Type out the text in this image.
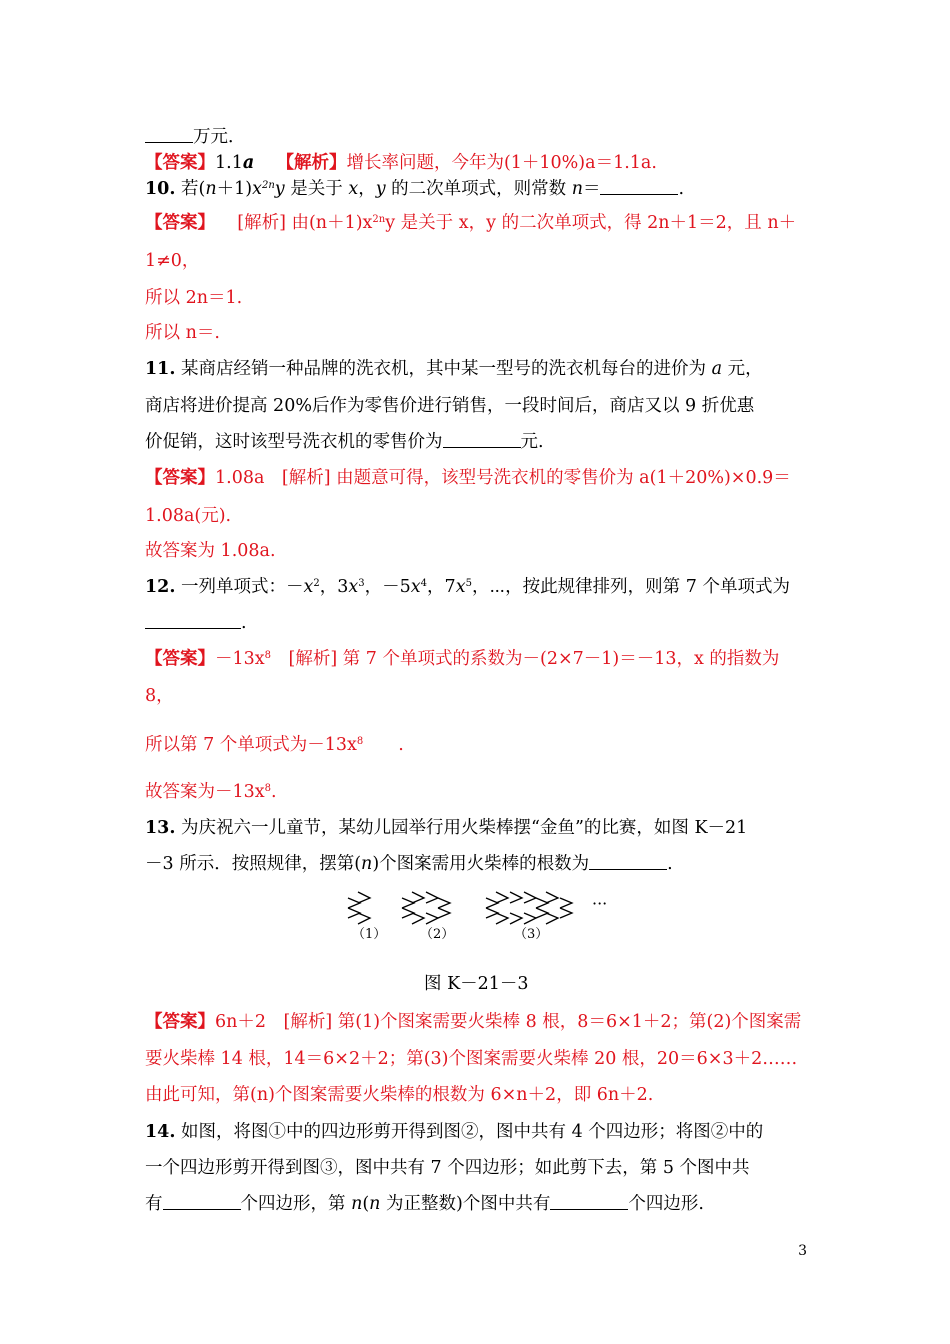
万元．
【答案】1.1a 【解析】增长率问题，今年为(1＋10%)a＝1.1a.
10. 若$(n+1)x^{2n}y$ 是关于 x，y 的二次单项式，则常数 n＝	.
【答案】 [解析] 由$(n+1)x^{2n}y$ 是关于 x，y 的二次单项式，得 2n＋1＝2，且 n＋
1≠0，
所以 2n＝1.
所以 n＝.
11. 某商店经销一种品牌的洗衣机，其中某一型号的洗衣机每台的进价为 a 元，
商店将进价提高 20%后作为零售价进行销售，一段时间后，商店又以 9 折优惠
价促销，这时该型号洗衣机的零售价为	元.
【答案】1.08a　[解析] 由题意可得，该型号洗衣机的零售价为 a(1＋20%)×0.9＝
1.08a(元).
故答案为 1.08a.
12. 一列单项式：$-x^2$，$3x^3$，$-5x^4$，$7x^5$，⋯，按此规律排列，则第 7 个单项式为
.
【答案】$-13x^8$　[解析] 第 7 个单项式的系数为－(2×7－1)＝－13，x 的指数为
8，
所以第 7 个单项式为$-13x^8$　　.
故答案为$-13x^8$.
13. 为庆祝六一儿童节，某幼儿园举行用火柴棒摆“金鱼”的比赛，如图 K－21
－3 所示．按照规律，摆第(n)个图案需用火柴棒的根数为	.
···
（1）	（2）	（3）
图 K－21－3
【答案】6n＋2　[解析] 第(1)个图案需要火柴棒 8 根，8＝6×1＋2；第(2)个图案需
要火柴棒 14 根，14＝6×2＋2；第(3)个图案需要火柴棒 20 根，20＝6×3＋2……
由此可知，第(n)个图案需要火柴棒的根数为 6×n＋2，即 6n＋2.
14. 如图，将图①中的四边形剪开得到图②，图中共有 4 个四边形；将图②中的
一个四边形剪开得到图③，图中共有 7 个四边形；如此剪下去，第 5 个图中共
有	个四边形，第 n(n 为正整数)个图中共有	个四边形.
3
